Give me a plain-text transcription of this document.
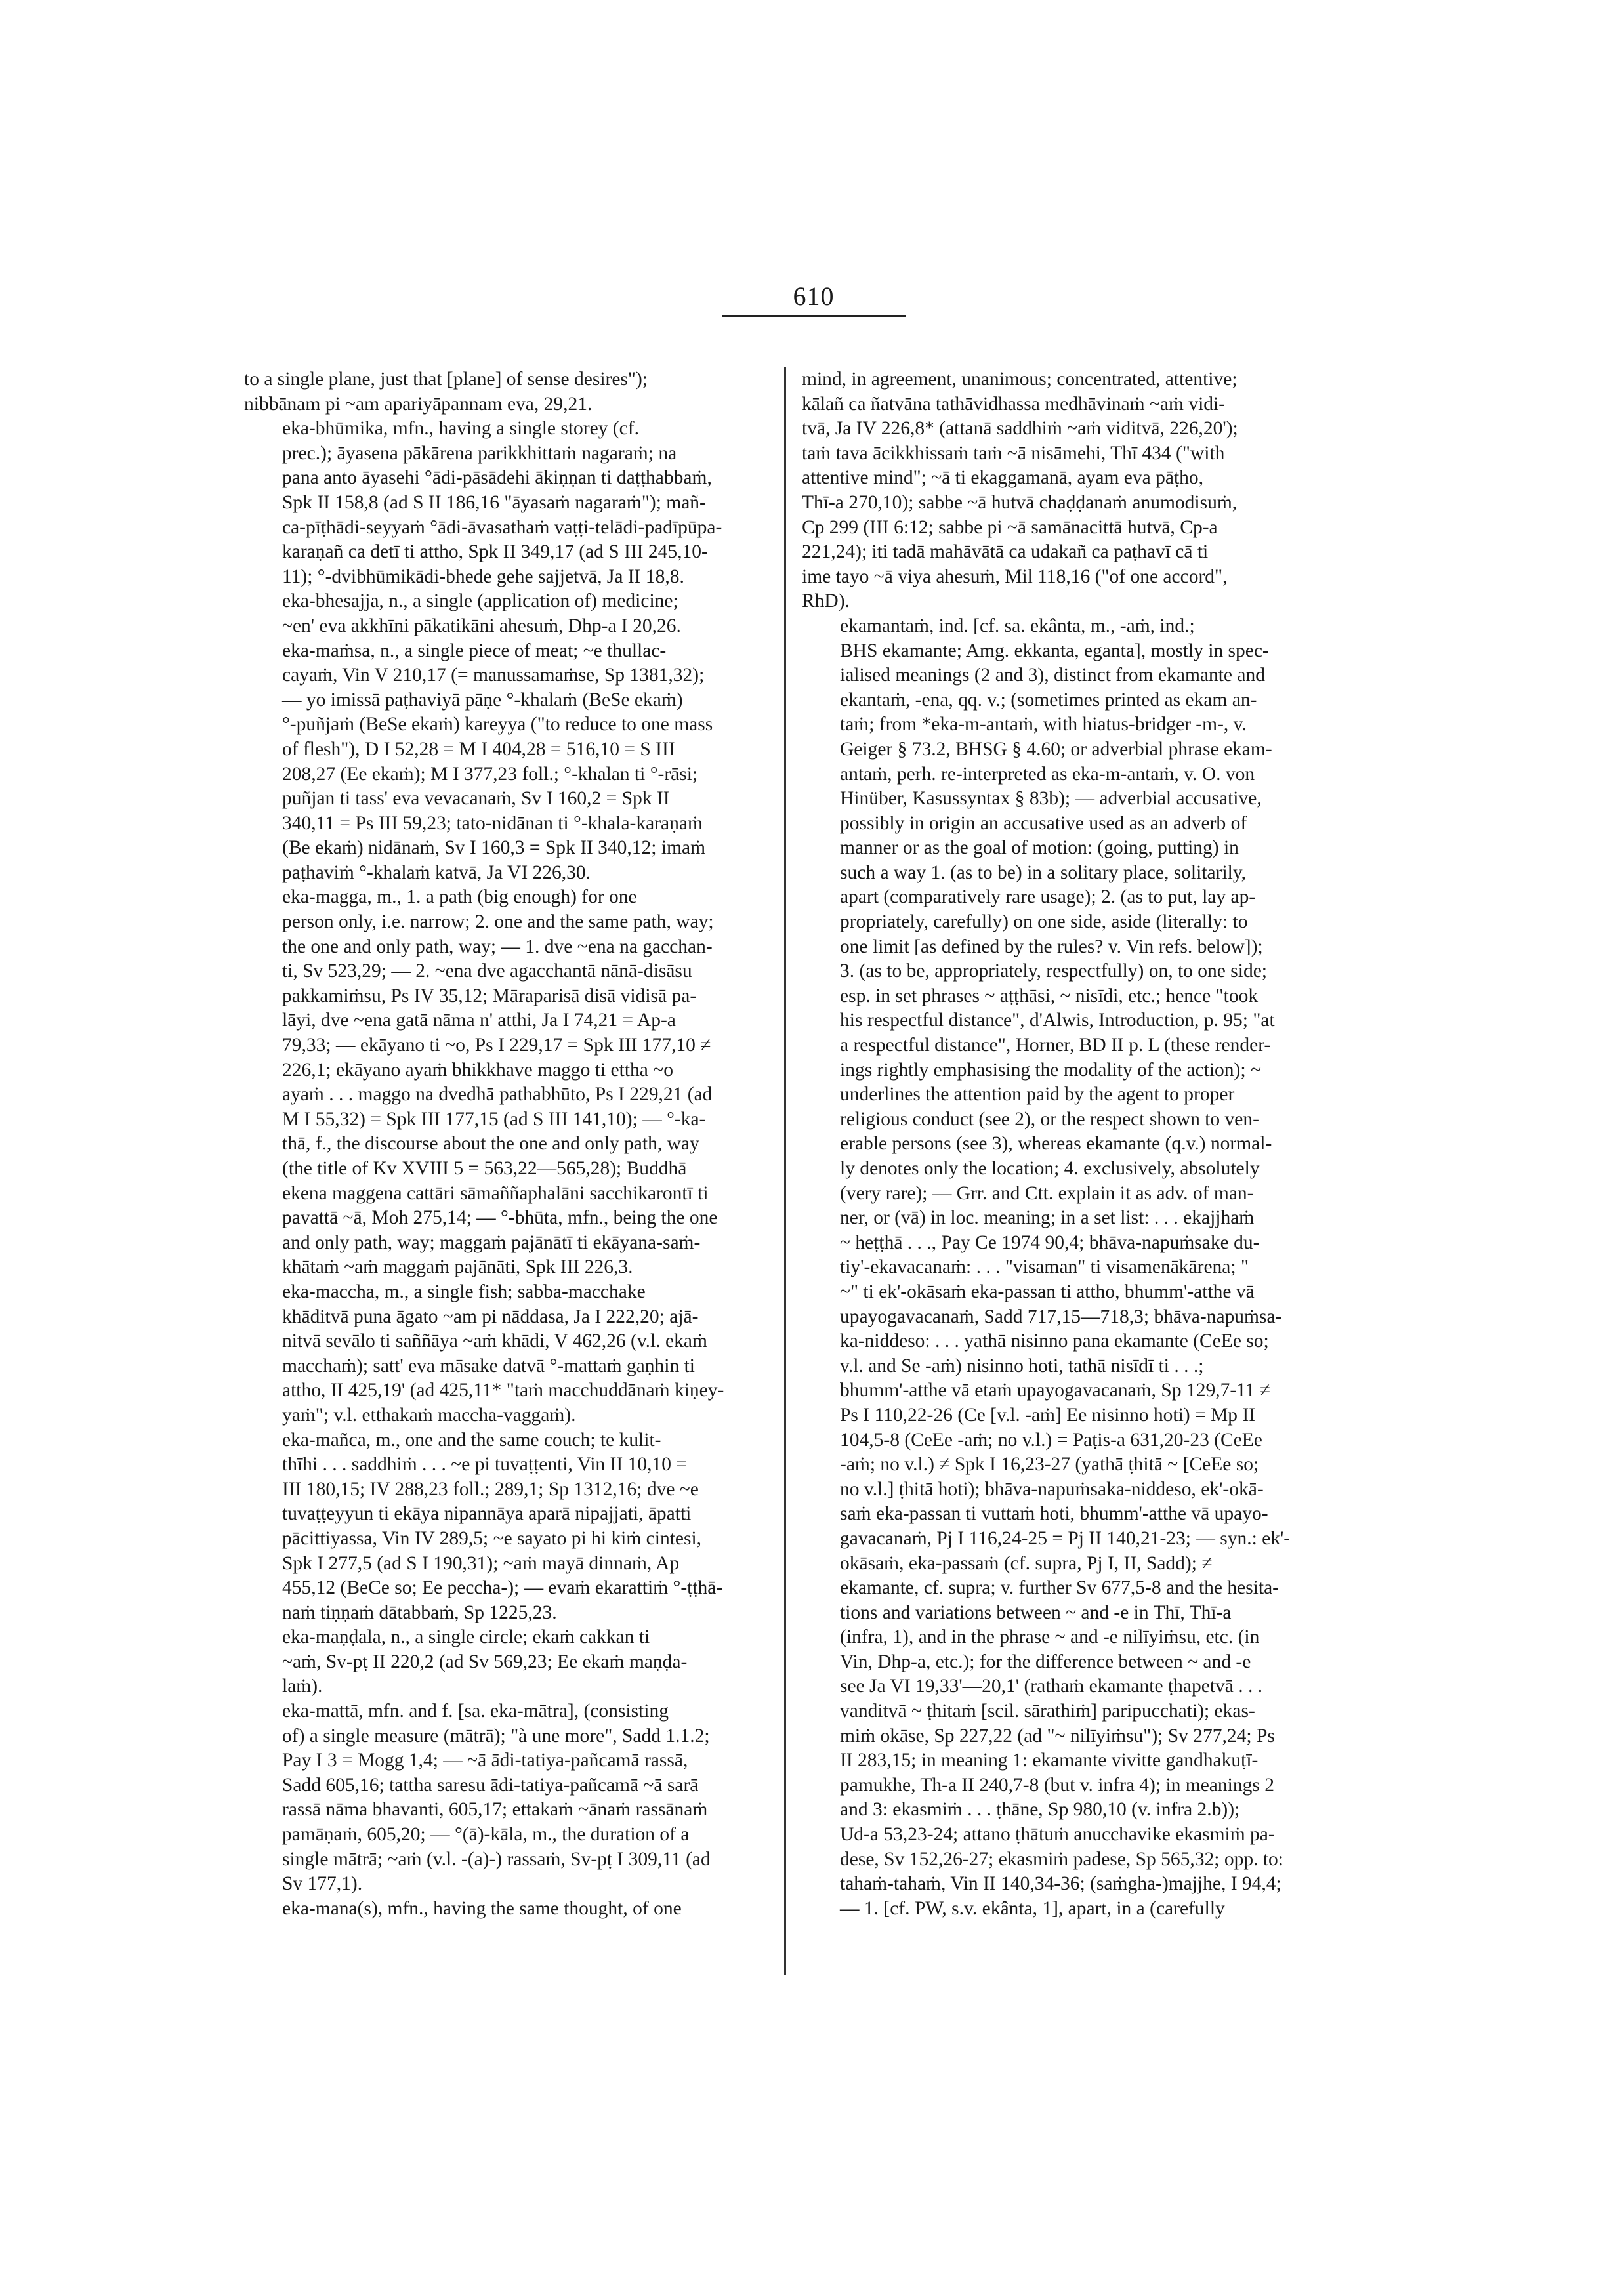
610

to a single plane, just that [plane] of sense desires");
nibbānam pi ~am apariyāpannam eva, 29,21.

eka-bhūmika, mfn., having a single storey (cf.
prec.); āyasena pākārena parikkhittaṁ nagaraṁ; na
pana anto āyasehi °ādi-pāsādehi ākiṇṇan ti daṭṭhabbaṁ,
Spk II 158,8 (ad S II 186,16 "āyasaṁ nagaraṁ"); mañ-
ca-pīṭhādi-seyyaṁ °ādi-āvasathaṁ vaṭṭi-telādi-padīpūpa-
karaṇañ ca detī ti attho, Spk II 349,17 (ad S III 245,10-
11); °-dvibhūmikādi-bhede gehe sajjetvā, Ja II 18,8.

eka-bhesajja, n., a single (application of) medicine;
~en' eva akkhīni pākatikāni ahesuṁ, Dhp-a I 20,26.

eka-maṁsa, n., a single piece of meat; ~e thullac-
cayaṁ, Vin V 210,17 (= manussamaṁse, Sp 1381,32);
— yo imissā paṭhaviyā pāṇe °-khalaṁ (BeSe ekaṁ)
°-puñjaṁ (BeSe ekaṁ) kareyya ("to reduce to one mass
of flesh"), D I 52,28 = M I 404,28 = 516,10 = S III
208,27 (Ee ekaṁ); M I 377,23 foll.; °-khalan ti °-rāsi;
puñjan ti tass' eva vevacanaṁ, Sv I 160,2 = Spk II
340,11 = Ps III 59,23; tato-nidānan ti °-khala-karaṇaṁ
(Be ekaṁ) nidānaṁ, Sv I 160,3 = Spk II 340,12; imaṁ
paṭhaviṁ °-khalaṁ katvā, Ja VI 226,30.

eka-magga, m., 1. a path (big enough) for one
person only, i.e. narrow; 2. one and the same path, way;
the one and only path, way; — 1. dve ~ena na gacchan-
ti, Sv 523,29; — 2. ~ena dve agacchantā nānā-disāsu
pakkamiṁsu, Ps IV 35,12; Māraparisā disā vidisā pa-
lāyi, dve ~ena gatā nāma n' atthi, Ja I 74,21 = Ap-a
79,33; — ekāyano ti ~o, Ps I 229,17 = Spk III 177,10 ≠
226,1; ekāyano ayaṁ bhikkhave maggo ti ettha ~o
ayaṁ . . . maggo na dvedhā pathabhūto, Ps I 229,21 (ad
M I 55,32) = Spk III 177,15 (ad S III 141,10); — °-ka-
thā, f., the discourse about the one and only path, way
(the title of Kv XVIII 5 = 563,22—565,28); Buddhā
ekena maggena cattāri sāmaññaphalāni sacchikarontī ti
pavattā ~ā, Moh 275,14; — °-bhūta, mfn., being the one
and only path, way; maggaṁ pajānātī ti ekāyana-saṁ-
khātaṁ ~aṁ maggaṁ pajānāti, Spk III 226,3.

eka-maccha, m., a single fish; sabba-macchake
khāditvā puna āgato ~am pi nāddasa, Ja I 222,20; ajā-
nitvā sevālo ti saññāya ~aṁ khādi, V 462,26 (v.l. ekaṁ
macchaṁ); satt' eva māsake datvā °-mattaṁ gaṇhin ti
attho, II 425,19' (ad 425,11* "taṁ macchuddānaṁ kiṇey-
yaṁ"; v.l. etthakaṁ maccha-vaggaṁ).

eka-mañca, m., one and the same couch; te kulit-
thīhi . . . saddhiṁ . . . ~e pi tuvaṭṭenti, Vin II 10,10 =
III 180,15; IV 288,23 foll.; 289,1; Sp 1312,16; dve ~e
tuvaṭṭeyyun ti ekāya nipannāya aparā nipajjati, āpatti
pācittiyassa, Vin IV 289,5; ~e sayato pi hi kiṁ cintesi,
Spk I 277,5 (ad S I 190,31); ~aṁ mayā dinnaṁ, Ap
455,12 (BeCe so; Ee peccha-); — evaṁ ekarattiṁ °-ṭṭhā-
naṁ tiṇṇaṁ dātabbaṁ, Sp 1225,23.

eka-maṇḍala, n., a single circle; ekaṁ cakkan ti
~aṁ, Sv-pṭ II 220,2 (ad Sv 569,23; Ee ekaṁ maṇḍa-
laṁ).

eka-mattā, mfn. and f. [sa. eka-mātra], (consisting
of) a single measure (mātrā); "à une more", Sadd 1.1.2;
Pay I 3 = Mogg 1,4; — ~ā ādi-tatiya-pañcamā rassā,
Sadd 605,16; tattha saresu ādi-tatiya-pañcamā ~ā sarā
rassā nāma bhavanti, 605,17; ettakaṁ ~ānaṁ rassānaṁ
pamāṇaṁ, 605,20; — °(ā)-kāla, m., the duration of a
single mātrā; ~aṁ (v.l. -(a)-) rassaṁ, Sv-pṭ I 309,11 (ad
Sv 177,1).

eka-mana(s), mfn., having the same thought, of one

mind, in agreement, unanimous; concentrated, attentive;
kālañ ca ñatvāna tathāvidhassa medhāvinaṁ ~aṁ vidi-
tvā, Ja IV 226,8* (attanā saddhiṁ ~aṁ viditvā, 226,20');
taṁ tava ācikkhissaṁ taṁ ~ā nisāmehi, Thī 434 ("with
attentive mind"; ~ā ti ekaggamanā, ayam eva pāṭho,
Thī-a 270,10); sabbe ~ā hutvā chaḍḍanaṁ anumodisuṁ,
Cp 299 (III 6:12; sabbe pi ~ā samānacittā hutvā, Cp-a
221,24); iti tadā mahāvātā ca udakañ ca paṭhavī cā ti
ime tayo ~ā viya ahesuṁ, Mil 118,16 ("of one accord",
RhD).

ekamantaṁ, ind. [cf. sa. ekânta, m., -aṁ, ind.;
BHS ekamante; Amg. ekkanta, eganta], mostly in spec-
ialised meanings (2 and 3), distinct from ekamante and
ekantaṁ, -ena, qq. v.; (sometimes printed as ekam an-
taṁ; from *eka-m-antaṁ, with hiatus-bridger -m-, v.
Geiger § 73.2, BHSG § 4.60; or adverbial phrase ekam-
antaṁ, perh. re-interpreted as eka-m-antaṁ, v. O. von
Hinüber, Kasussyntax § 83b); — adverbial accusative,
possibly in origin an accusative used as an adverb of
manner or as the goal of motion: (going, putting) in
such a way 1. (as to be) in a solitary place, solitarily,
apart (comparatively rare usage); 2. (as to put, lay ap-
propriately, carefully) on one side, aside (literally: to
one limit [as defined by the rules? v. Vin refs. below]);
3. (as to be, appropriately, respectfully) on, to one side;
esp. in set phrases ~ aṭṭhāsi, ~ nisīdi, etc.; hence "took
his respectful distance", d'Alwis, Introduction, p. 95; "at
a respectful distance", Horner, BD II p. L (these render-
ings rightly emphasising the modality of the action); ~
underlines the attention paid by the agent to proper
religious conduct (see 2), or the respect shown to ven-
erable persons (see 3), whereas ekamante (q.v.) normal-
ly denotes only the location; 4. exclusively, absolutely
(very rare); — Grr. and Ctt. explain it as adv. of man-
ner, or (vā) in loc. meaning; in a set list: . . . ekajjhaṁ
~ heṭṭhā . . ., Pay Ce 1974 90,4; bhāva-napuṁsake du-
tiy'-ekavacanaṁ: . . . "visaman" ti visamenākārena; "
~" ti ek'-okāsaṁ eka-passan ti attho, bhumm'-atthe vā
upayogavacanaṁ, Sadd 717,15—718,3; bhāva-napuṁsa-
ka-niddeso: . . . yathā nisinno pana ekamante (CeEe so;
v.l. and Se -aṁ) nisinno hoti, tathā nisīdī ti . . .;
bhumm'-atthe vā etaṁ upayogavacanaṁ, Sp 129,7-11 ≠
Ps I 110,22-26 (Ce [v.l. -aṁ] Ee nisinno hoti) = Mp II
104,5-8 (CeEe -aṁ; no v.l.) = Paṭis-a 631,20-23 (CeEe
-aṁ; no v.l.) ≠ Spk I 16,23-27 (yathā ṭhitā ~ [CeEe so;
no v.l.] ṭhitā hoti); bhāva-napuṁsaka-niddeso, ek'-okā-
saṁ eka-passan ti vuttaṁ hoti, bhumm'-atthe vā upayo-
gavacanaṁ, Pj I 116,24-25 = Pj II 140,21-23; — syn.: ek'-
okāsaṁ, eka-passaṁ (cf. supra, Pj I, II, Sadd); ≠
ekamante, cf. supra; v. further Sv 677,5-8 and the hesita-
tions and variations between ~ and -e in Thī, Thī-a
(infra, 1), and in the phrase ~ and -e nilīyiṁsu, etc. (in
Vin, Dhp-a, etc.); for the difference between ~ and -e
see Ja VI 19,33'—20,1' (rathaṁ ekamante ṭhapetvā . . .
vanditvā ~ ṭhitaṁ [scil. sārathiṁ] paripucchati); ekas-
miṁ okāse, Sp 227,22 (ad "~ nilīyiṁsu"); Sv 277,24; Ps
II 283,15; in meaning 1: ekamante vivitte gandhakuṭī-
pamukhe, Th-a II 240,7-8 (but v. infra 4); in meanings 2
and 3: ekasmiṁ . . . ṭhāne, Sp 980,10 (v. infra 2.b));
Ud-a 53,23-24; attano ṭhātuṁ anucchavike ekasmiṁ pa-
dese, Sv 152,26-27; ekasmiṁ padese, Sp 565,32; opp. to:
tahaṁ-tahaṁ, Vin II 140,34-36; (saṁgha-)majjhe, I 94,4;
— 1. [cf. PW, s.v. ekânta, 1], apart, in a (carefully
